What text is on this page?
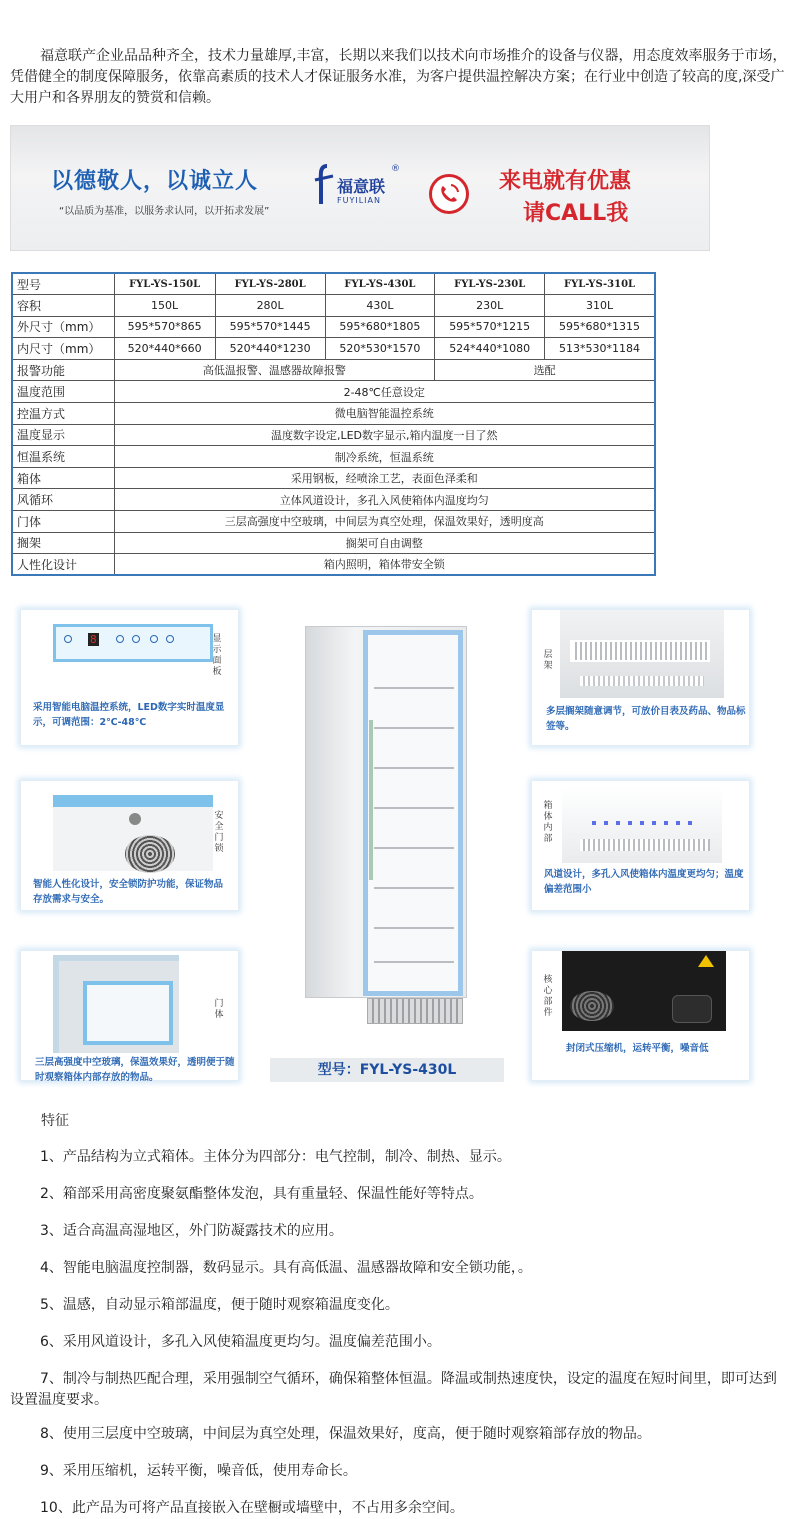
福意联产企业品品种齐全，技术力量雄厚,丰富，长期以来我们以技术向市场推介的设备与仪器，用态度效率服务于市场，凭借健全的制度保障服务，依靠高素质的技术人才保证服务水准，为客户提供温控解决方案；在行业中创造了较高的度,深受广大用户和各界朋友的赞赏和信赖。

以德敬人，以诚立人
“以品质为基准，以服务求认同，以开拓求发展”
福意联
®
FUYILIAN
来电就有优惠
请CALL我
型号	FYL-YS-150L	FYL-YS-280L	FYL-YS-430L	FYL-YS-230L	FYL-YS-310L
容积	150L	280L	430L	230L	310L
外尺寸（mm）	595*570*865	595*570*1445	595*680*1805	595*570*1215	595*680*1315
内尺寸（mm）	520*440*660	520*440*1230	520*530*1570	524*440*1080	513*530*1184
报警功能	高低温报警、温感器故障报警			选配	
温度范围	2-48℃任意设定				
控温方式	微电脑智能温控系统				
温度显示	温度数字设定,LED数字显示,箱内温度一目了然				
恒温系统	制冷系统，恒温系统				
箱体	采用钢板，经喷涂工艺，表面色泽柔和				
风循环	立体风道设计，多孔入风使箱体内温度均匀				
门体	三层高强度中空玻璃，中间层为真空处理，保温效果好，透明度高				
搁架	搁架可自由调整				
人性化设计	箱内照明，箱体带安全锁				
8	显示面板
采用智能电脑温控系统，LED数字实时温度显示，可调范围：2℃-48℃
安全门锁
智能人性化设计，安全锁防护功能，保证物品 存放需求与安全。
门体
三层高强度中空玻璃，保温效果好，透明便于随时观察箱体内部存放的物品。
层架
多层搁架随意调节，可放价目表及药品、物品标签等。
箱体内部
风道设计，多孔入风使箱体内温度更均匀；温度偏差范围小
核心部件
封闭式压缩机，运转平衡，噪音低
型号：FYL-YS-430L
特征

1、产品结构为立式箱体。主体分为四部分：电气控制，制冷、制热、显示。

2、箱部采用高密度聚氨酯整体发泡，具有重量轻、保温性能好等特点。

3、适合高温高湿地区，外门防凝露技术的应用。

4、智能电脑温度控制器，数码显示。具有高低温、温感器故障和安全锁功能，。

5、温感，自动显示箱部温度，便于随时观察箱温度变化。

6、采用风道设计，多孔入风使箱温度更均匀。温度偏差范围小。

7、制冷与制热匹配合理，采用强制空气循环，确保箱整体恒温。降温或制热速度快，设定的温度在短时间里，即可达到设置温度要求。

8、使用三层度中空玻璃，中间层为真空处理，保温效果好，度高，便于随时观察箱部存放的物品。

9、采用压缩机，运转平衡，噪音低，使用寿命长。

10、此产品为可将产品直接嵌入在壁橱或墙壁中，不占用多余空间。
